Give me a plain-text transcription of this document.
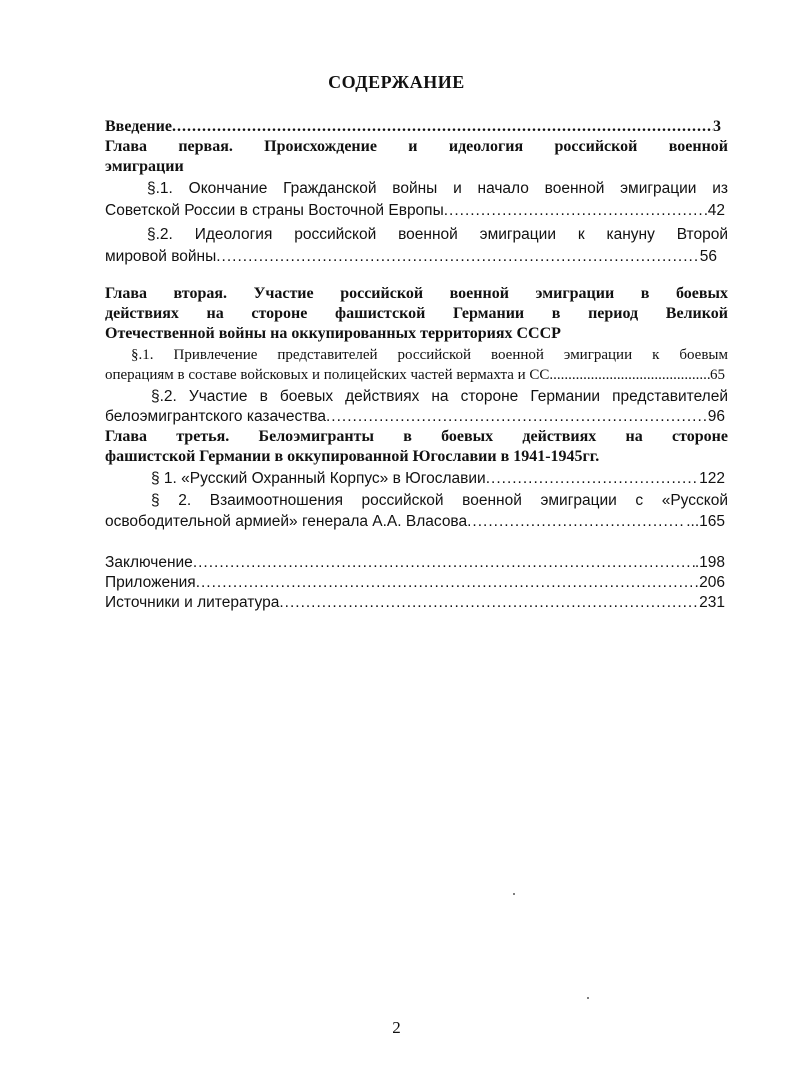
СОДЕРЖАНИЕ
Введение .....	3
Глава первая. Происхождение и идеология российской военной
эмиграции
§.1. Окончание Гражданской войны и начало военной эмиграции из
Советской России в страны Восточной Европы .....	42
§.2. Идеология российской военной эмиграции к кануну Второй
мировой войны .....	56
Глава вторая. Участие российской военной эмиграции в боевых
действиях на стороне фашистской Германии в период Великой
Отечественной войны на оккупированных территориях СССР
§.1. Привлечение представителей российской военной эмиграции к боевым
операциям в составе войсковых и полицейских частей вермахта и СС .....	65
§.2. Участие в боевых действиях на стороне Германии представителей
белоэмигрантского казачества .....	96
Глава третья. Белоэмигранты в боевых действиях на стороне
фашистской Германии в оккупированной Югославии в 1941-1945гг.
§ 1. «Русский Охранный Корпус» в Югославии .....	122
§ 2. Взаимоотношения российской военной эмиграции с «Русской
освободительной армией» генерала А.А. Власова .....	...165
Заключение .....	.198
Приложения .....	206
Источники и литература .....	231
2
